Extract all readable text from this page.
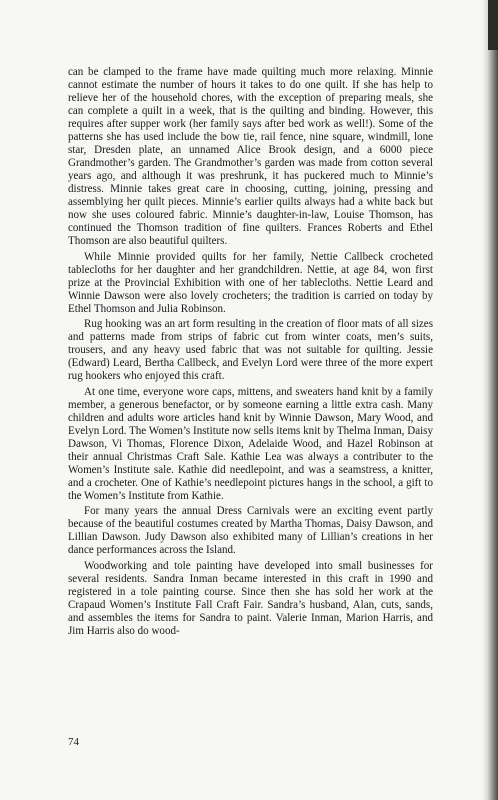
can be clamped to the frame have made quilting much more relaxing. Minnie cannot estimate the number of hours it takes to do one quilt. If she has help to relieve her of the household chores, with the exception of preparing meals, she can complete a quilt in a week, that is the quilting and binding. However, this requires after supper work (her family says after bed work as well!). Some of the patterns she has used include the bow tie, rail fence, nine square, windmill, lone star, Dresden plate, an unnamed Alice Brook design, and a 6000 piece Grandmother’s garden. The Grandmother’s garden was made from cotton several years ago, and although it was preshrunk, it has puckered much to Minnie’s distress. Minnie takes great care in choosing, cutting, joining, pressing and assemblying her quilt pieces. Minnie’s earlier quilts always had a white back but now she uses coloured fabric. Minnie’s daughter-in-law, Louise Thomson, has continued the Thomson tradition of fine quilters. Frances Roberts and Ethel Thomson are also beautiful quilters.

While Minnie provided quilts for her family, Nettie Callbeck crocheted tablecloths for her daughter and her grandchildren. Nettie, at age 84, won first prize at the Provincial Exhibition with one of her tablecloths. Nettie Leard and Winnie Dawson were also lovely crocheters; the tradition is carried on today by Ethel Thomson and Julia Robinson.

Rug hooking was an art form resulting in the creation of floor mats of all sizes and patterns made from strips of fabric cut from winter coats, men’s suits, trousers, and any heavy used fabric that was not suitable for quilting. Jessie (Edward) Leard, Bertha Callbeck, and Evelyn Lord were three of the more expert rug hookers who enjoyed this craft.

At one time, everyone wore caps, mittens, and sweaters hand knit by a family member, a generous benefactor, or by someone earning a little extra cash. Many children and adults wore articles hand knit by Winnie Dawson, Mary Wood, and Evelyn Lord. The Women’s Institute now sells items knit by Thelma Inman, Daisy Dawson, Vi Thomas, Florence Dixon, Adelaide Wood, and Hazel Robinson at their annual Christmas Craft Sale. Kathie Lea was always a contributer to the Women’s Institute sale. Kathie did needlepoint, and was a seamstress, a knitter, and a crocheter. One of Kathie’s needlepoint pictures hangs in the school, a gift to the Women’s Institute from Kathie.

For many years the annual Dress Carnivals were an exciting event partly because of the beautiful costumes created by Martha Thomas, Daisy Dawson, and Lillian Dawson. Judy Dawson also exhibited many of Lillian’s creations in her dance performances across the Island.

Woodworking and tole painting have developed into small businesses for several residents. Sandra Inman became interested in this craft in 1990 and registered in a tole painting course. Since then she has sold her work at the Crapaud Women’s Institute Fall Craft Fair. Sandra’s husband, Alan, cuts, sands, and assembles the items for Sandra to paint. Valerie Inman, Marion Harris, and Jim Harris also do wood-

74
